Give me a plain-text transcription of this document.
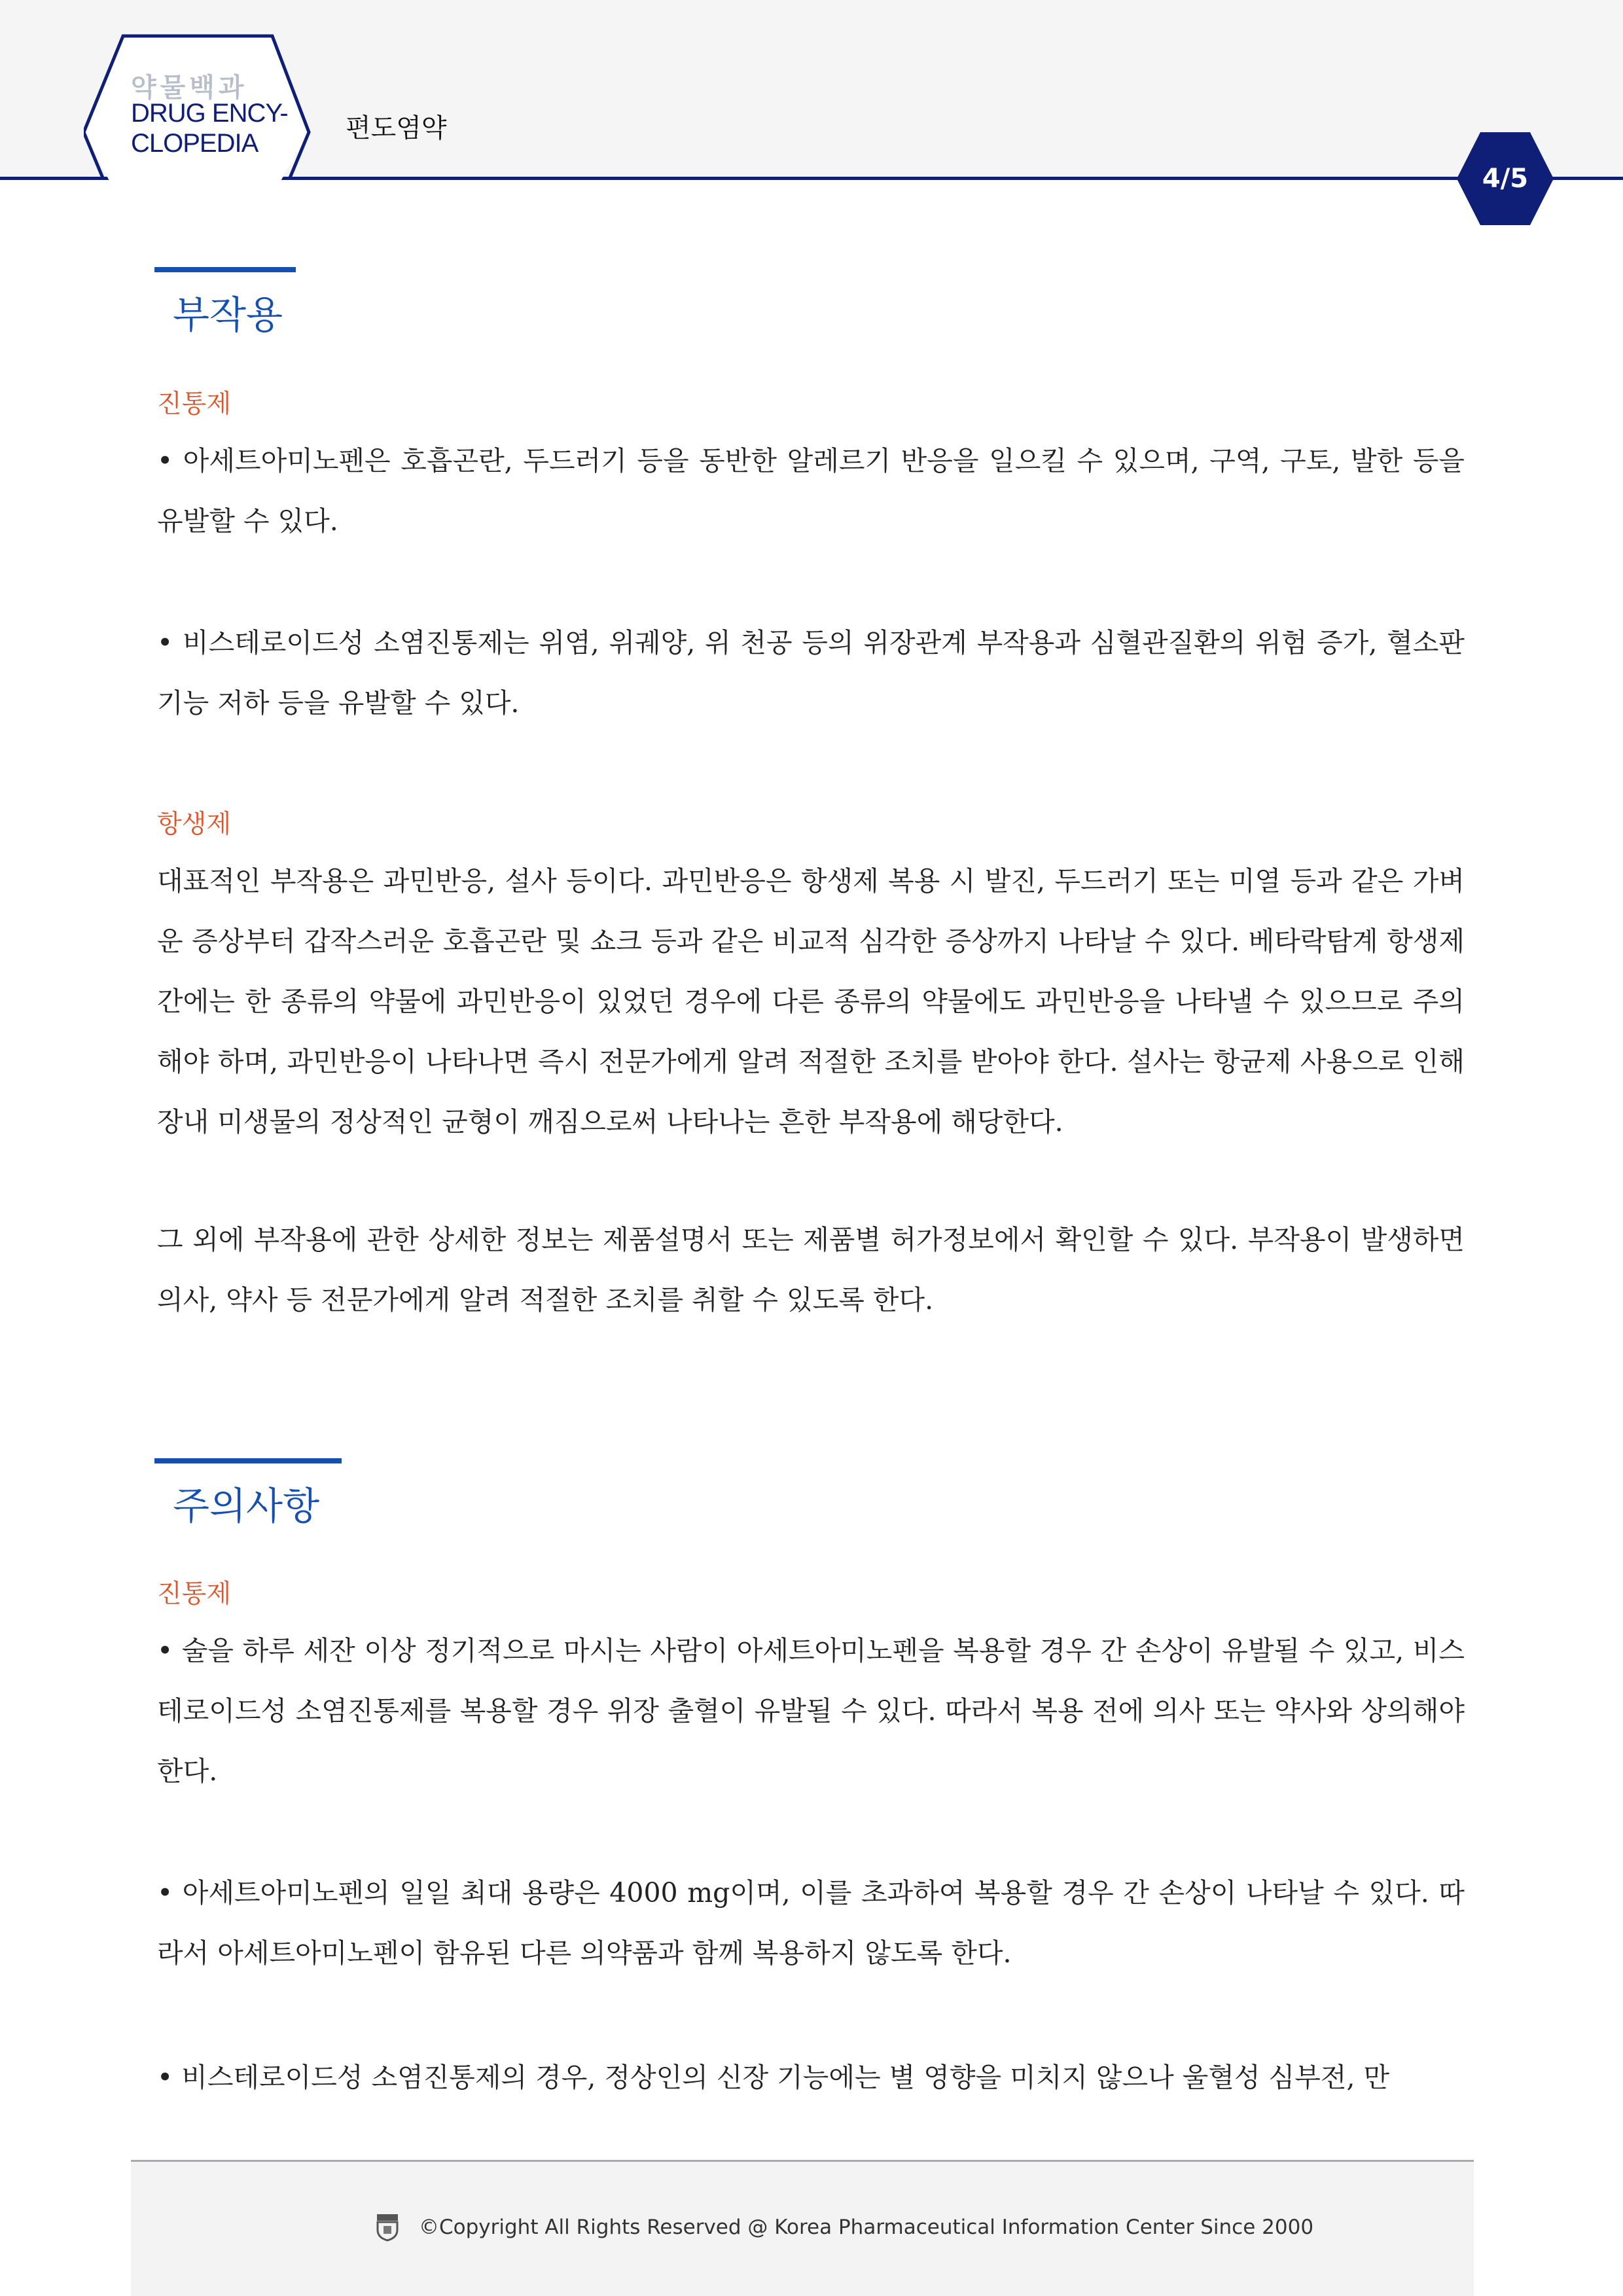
약물백과
DRUG ENCY-
CLOPEDIA	편도염약
4/5
부작용
진통제

• 아세트아미노펜은 호흡곤란, 두드러기 등을 동반한 알레르기 반응을 일으킬 수 있으며, 구역, 구토, 발한 등을 유발할 수 있다.

• 비스테로이드성 소염진통제는 위염, 위궤양, 위 천공 등의 위장관계 부작용과 심혈관질환의 위험 증가, 혈소판 기능 저하 등을 유발할 수 있다.

항생제

대표적인 부작용은 과민반응, 설사 등이다. 과민반응은 항생제 복용 시 발진, 두드러기 또는 미열 등과 같은 가벼운 증상부터 갑작스러운 호흡곤란 및 쇼크 등과 같은 비교적 심각한 증상까지 나타날 수 있다. 베타락탐계 항생제 간에는 한 종류의 약물에 과민반응이 있었던 경우에 다른 종류의 약물에도 과민반응을 나타낼 수 있으므로 주의해야 하며, 과민반응이 나타나면 즉시 전문가에게 알려 적절한 조치를 받아야 한다. 설사는 항균제 사용으로 인해 장내 미생물의 정상적인 균형이 깨짐으로써 나타나는 흔한 부작용에 해당한다.

그 외에 부작용에 관한 상세한 정보는 제품설명서 또는 제품별 허가정보에서 확인할 수 있다. 부작용이 발생하면 의사, 약사 등 전문가에게 알려 적절한 조치를 취할 수 있도록 한다.

주의사항
진통제

• 술을 하루 세잔 이상 정기적으로 마시는 사람이 아세트아미노펜을 복용할 경우 간 손상이 유발될 수 있고, 비스테로이드성 소염진통제를 복용할 경우 위장 출혈이 유발될 수 있다. 따라서 복용 전에 의사 또는 약사와 상의해야 한다.

• 아세트아미노펜의 일일 최대 용량은 4000 mg이며, 이를 초과하여 복용할 경우 간 손상이 나타날 수 있다. 따라서 아세트아미노펜이 함유된 다른 의약품과 함께 복용하지 않도록 한다.

• 비스테로이드성 소염진통제의 경우, 정상인의 신장 기능에는 별 영향을 미치지 않으나 울혈성 심부전, 만

©Copyright All Rights Reserved @ Korea Pharmaceutical Information Center Since 2000
